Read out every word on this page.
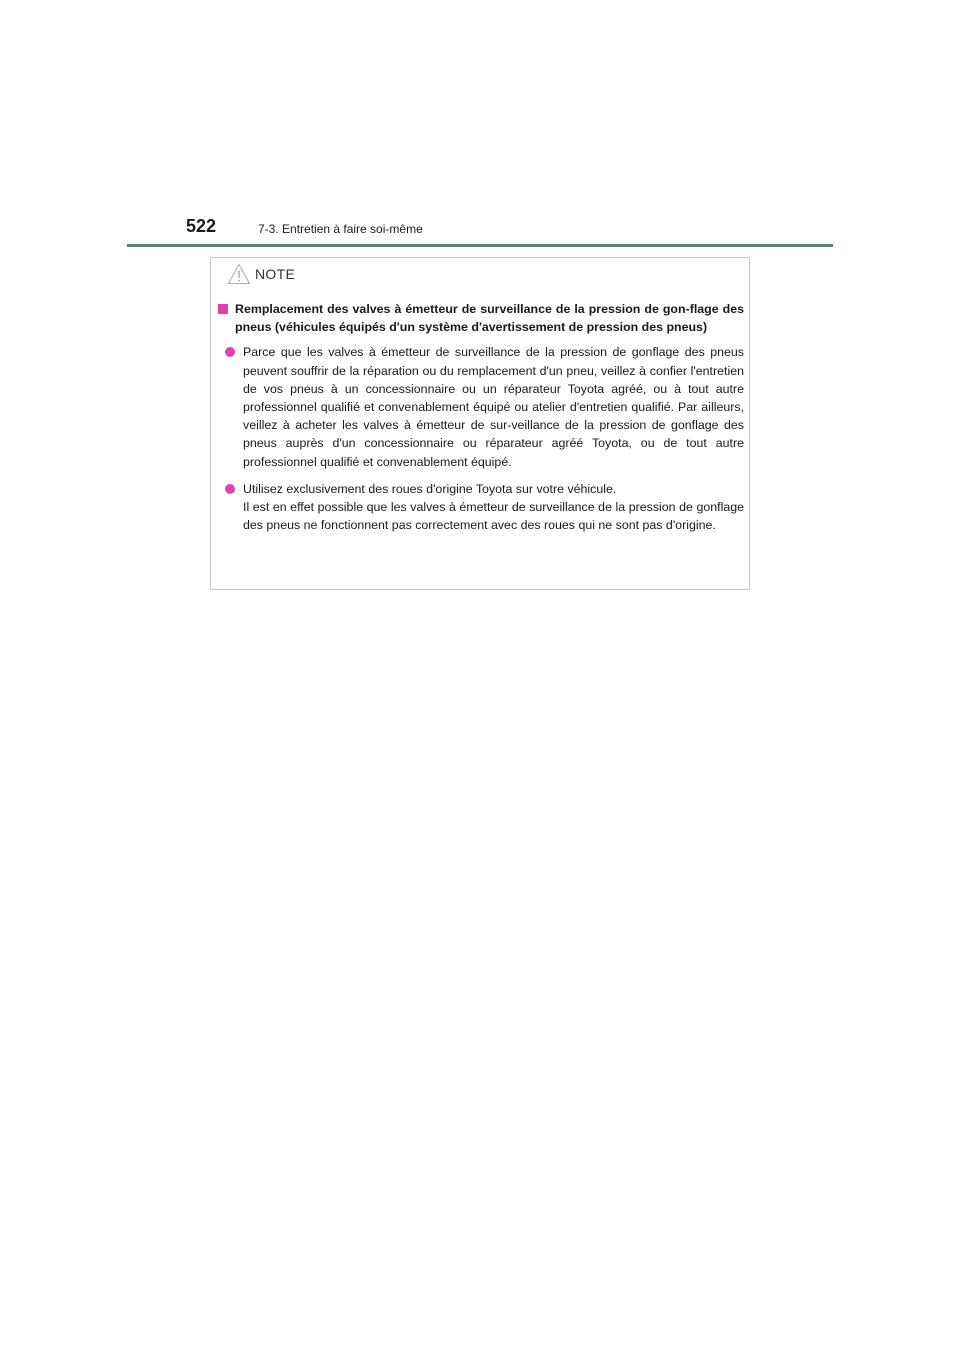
522	7-3. Entretien à faire soi-même
NOTE
Remplacement des valves à émetteur de surveillance de la pression de gon-flage des pneus (véhicules équipés d'un système d'avertissement de pression des pneus)

Parce que les valves à émetteur de surveillance de la pression de gonflage des pneus peuvent souffrir de la réparation ou du remplacement d'un pneu, veillez à confier l'entretien de vos pneus à un concessionnaire ou un réparateur Toyota agréé, ou à tout autre professionnel qualifié et convenablement équipé ou atelier d'entretien qualifié. Par ailleurs, veillez à acheter les valves à émetteur de sur-veillance de la pression de gonflage des pneus auprès d'un concessionnaire ou réparateur agréé Toyota, ou de tout autre professionnel qualifié et convenablement équipé.

Utilisez exclusivement des roues d'origine Toyota sur votre véhicule.

Il est en effet possible que les valves à émetteur de surveillance de la pression de gonflage des pneus ne fonctionnent pas correctement avec des roues qui ne sont pas d'origine.
